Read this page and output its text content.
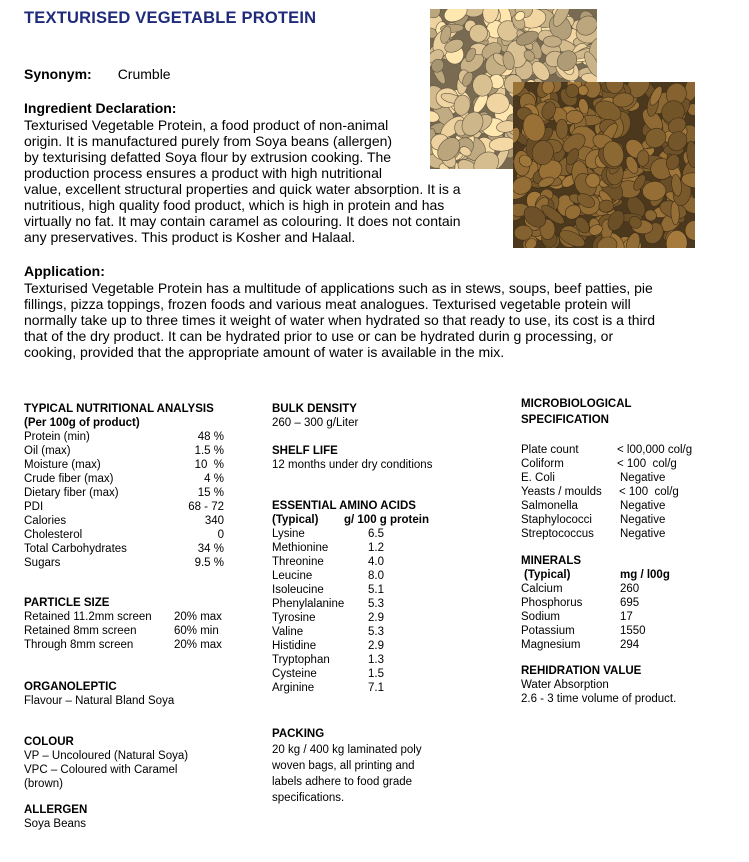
TEXTURISED VEGETABLE PROTEIN
Synonym: Crumble
Ingredient Declaration:
Texturised Vegetable Protein, a food product of non-animal
origin. It is manufactured purely from Soya beans (allergen)
by texturising defatted Soya flour by extrusion cooking. The
production process ensures a product with high nutritional
value, excellent structural properties and quick water absorption. It is a
nutritious, high quality food product, which is high in protein and has
virtually no fat. It may contain caramel as colouring. It does not contain
any preservatives. This product is Kosher and Halaal.
Application:
Texturised Vegetable Protein has a multitude of applications such as in stews, soups, beef patties, pie
fillings, pizza toppings, frozen foods and various meat analogues. Texturised vegetable protein will
normally take up to three times it weight of water when hydrated so that ready to use, its cost is a third
that of the dry product. It can be hydrated prior to use or can be hydrated durin g processing, or
cooking, provided that the appropriate amount of water is available in the mix.
TYPICAL NUTRITIONAL ANALYSIS
(Per 100g of product)
Protein (min)	48 %
Oil (max)	1.5 %
Moisture (max)	10  %
Crude fiber (max)	4 %
Dietary fiber (max)	15 %
PDI	68 - 72
Calories	340
Cholesterol	0
Total Carbohydrates	34 %
Sugars	9.5 %
PARTICLE SIZE
Retained 11.2mm screen	20% max
Retained 8mm screen	60% min
Through 8mm screen	20% max
ORGANOLEPTIC
Flavour – Natural Bland Soya
COLOUR
VP – Uncoloured (Natural Soya)
VPC – Coloured with Caramel
(brown)
ALLERGEN
Soya Beans
BULK DENSITY
260 – 300 g/Liter
SHELF LIFE
12 months under dry conditions
ESSENTIAL AMINO ACIDS
(Typical)	g/ 100 g protein
Lysine	6.5
Methionine	1.2
Threonine	4.0
Leucine	8.0
Isoleucine	5.1
Phenylalanine	5.3
Tyrosine	2.9
Valine	5.3
Histidine	2.9
Tryptophan	1.3
Cysteine	1.5
Arginine	7.1
PACKING
20 kg / 400 kg laminated poly
woven bags, all printing and
labels adhere to food grade
specifications.
MICROBIOLOGICAL
SPECIFICATION
Plate count	< l00,000 col/g
Coliform	< 100  col/g
E. Coli	Negative
Yeasts / moulds	< 100  col/g
Salmonella	Negative
Staphylococci	Negative
Streptococcus	Negative
MINERALS
(Typical)	mg / l00g
Calcium	260
Phosphorus	695
Sodium	17
Potassium	1550
Magnesium	294
REHIDRATION VALUE
Water Absorption
2.6 - 3 time volume of product.
